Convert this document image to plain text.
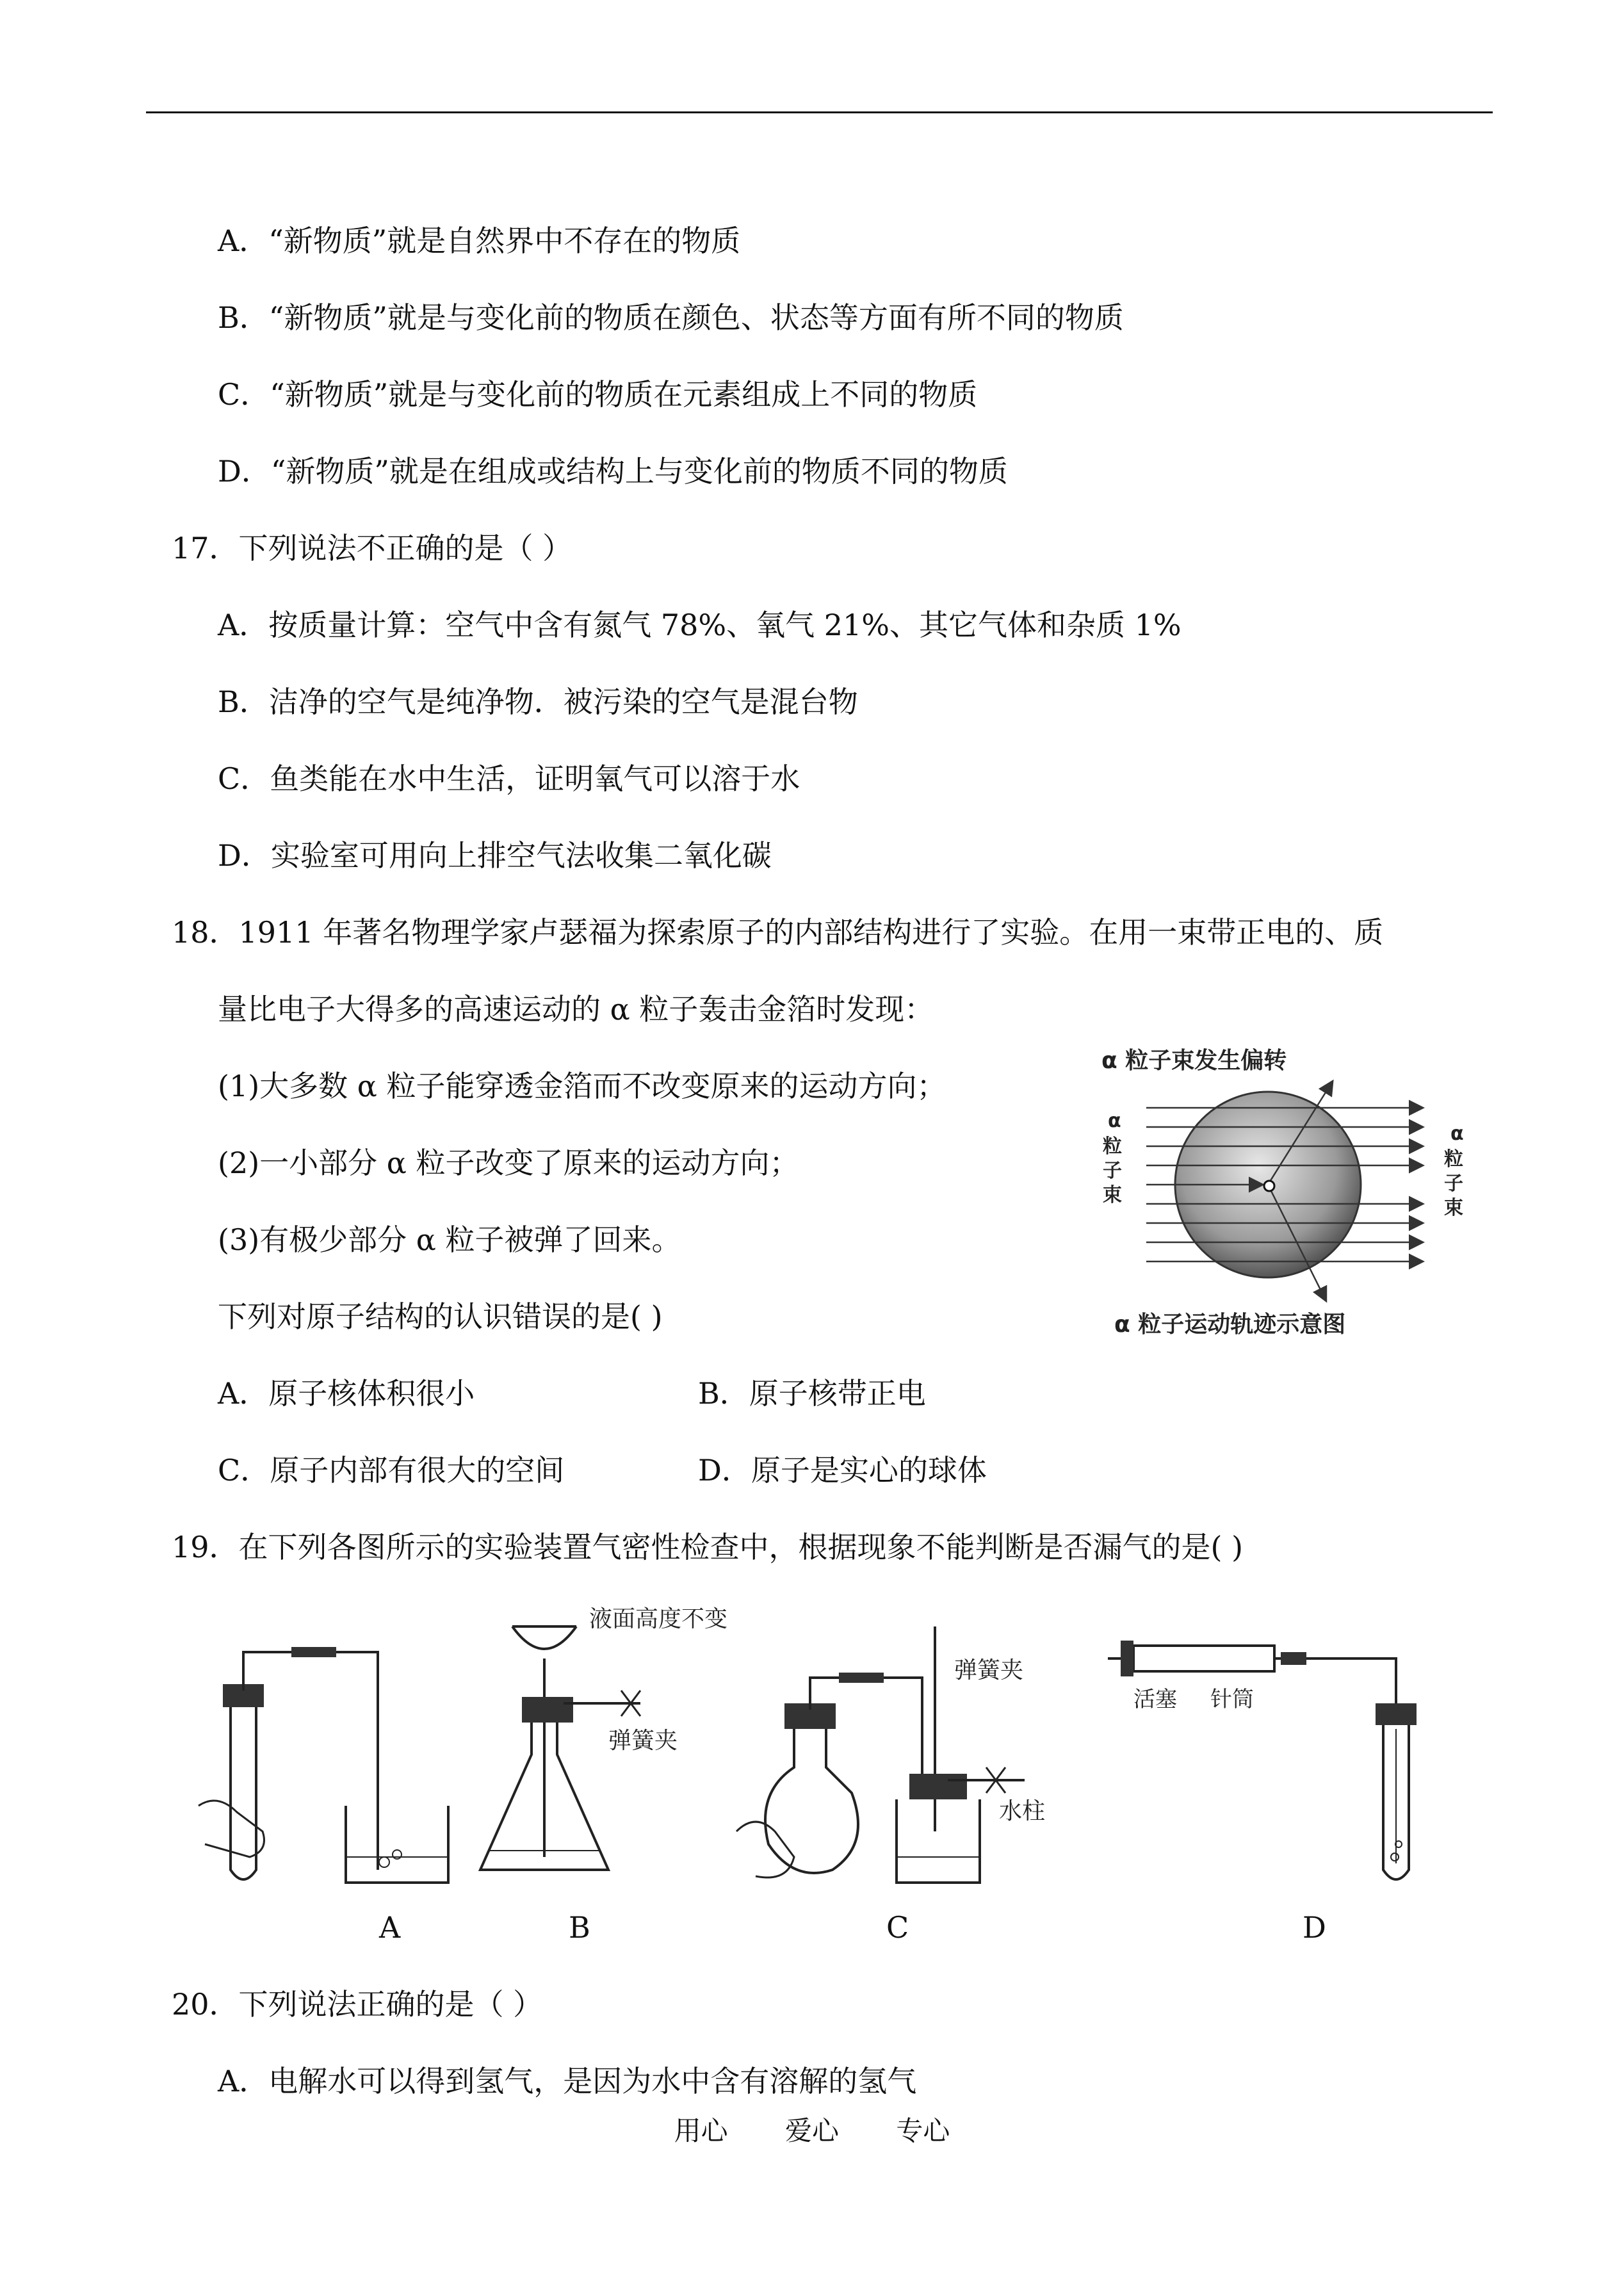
A．“新物质”就是自然界中不存在的物质
B．“新物质”就是与变化前的物质在颜色、状态等方面有所不同的物质
C．“新物质”就是与变化前的物质在元素组成上不同的物质
D．“新物质”就是在组成或结构上与变化前的物质不同的物质
17．下列说法不正确的是（ ）
A．按质量计算：空气中含有氮气 78%、氧气 21%、其它气体和杂质 1%
B．洁净的空气是纯净物．被污染的空气是混台物
C．鱼类能在水中生活，证明氧气可以溶于水
D．实验室可用向上排空气法收集二氧化碳
18．1911 年著名物理学家卢瑟福为探索原子的内部结构进行了实验。在用一束带正电的、质
量比电子大得多的高速运动的 α 粒子轰击金箔时发现：
(1)大多数 α 粒子能穿透金箔而不改变原来的运动方向；
(2)一小部分 α 粒子改变了原来的运动方向；
(3)有极少部分 α 粒子被弹了回来。
下列对原子结构的认识错误的是( )
A．原子核体积很小	B．原子核带正电
C．原子内部有很大的空间	D．原子是实心的球体
α 粒子束发生偏转
α
粒
子
束
α
粒
子
束
α 粒子运动轨迹示意图
19．在下列各图所示的实验装置气密性检查中，根据现象不能判断是否漏气的是( )
液面高度不变
弹簧夹
弹簧夹
水柱
活塞 针筒
A	B	C	D
20．下列说法正确的是（ ）
A．电解水可以得到氢气，是因为水中含有溶解的氢气
用心 爱心 专心
